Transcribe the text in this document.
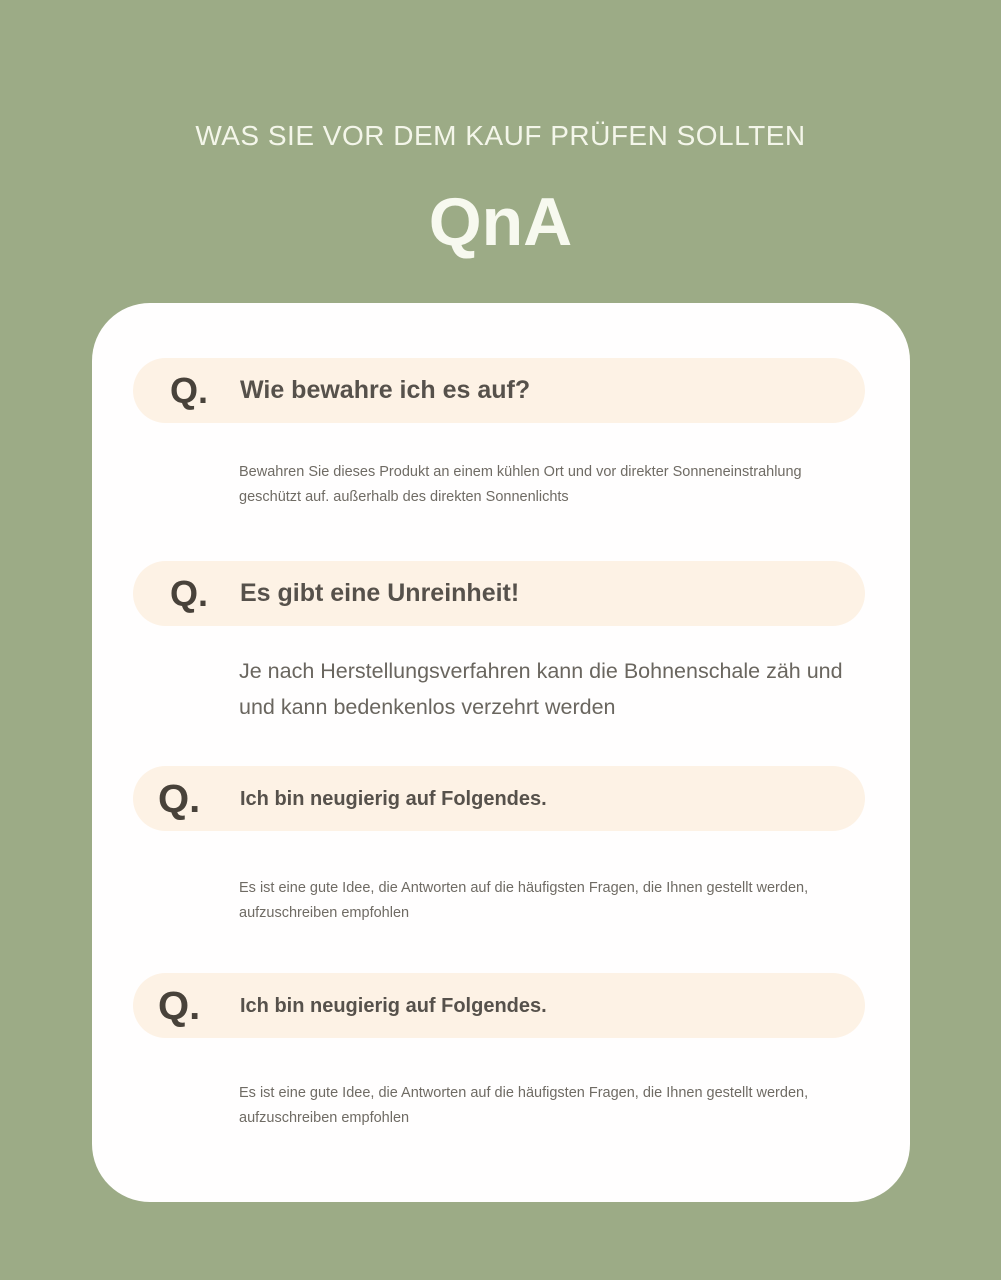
WAS SIE VOR DEM KAUF PRÜFEN SOLLTEN
QnA
Q.	Wie bewahre ich es auf?

Bewahren Sie dieses Produkt an einem kühlen Ort und vor direkter Sonneneinstrahlung geschützt auf. außerhalb des direkten Sonnenlichts

Q.	Es gibt eine Unreinheit!

Je nach Herstellungsverfahren kann die Bohnenschale zäh und und kann bedenkenlos verzehrt werden

Q.	Ich bin neugierig auf Folgendes.

Es ist eine gute Idee, die Antworten auf die häufigsten Fragen, die Ihnen gestellt werden, aufzuschreiben empfohlen

Q.	Ich bin neugierig auf Folgendes.

Es ist eine gute Idee, die Antworten auf die häufigsten Fragen, die Ihnen gestellt werden, aufzuschreiben empfohlen
